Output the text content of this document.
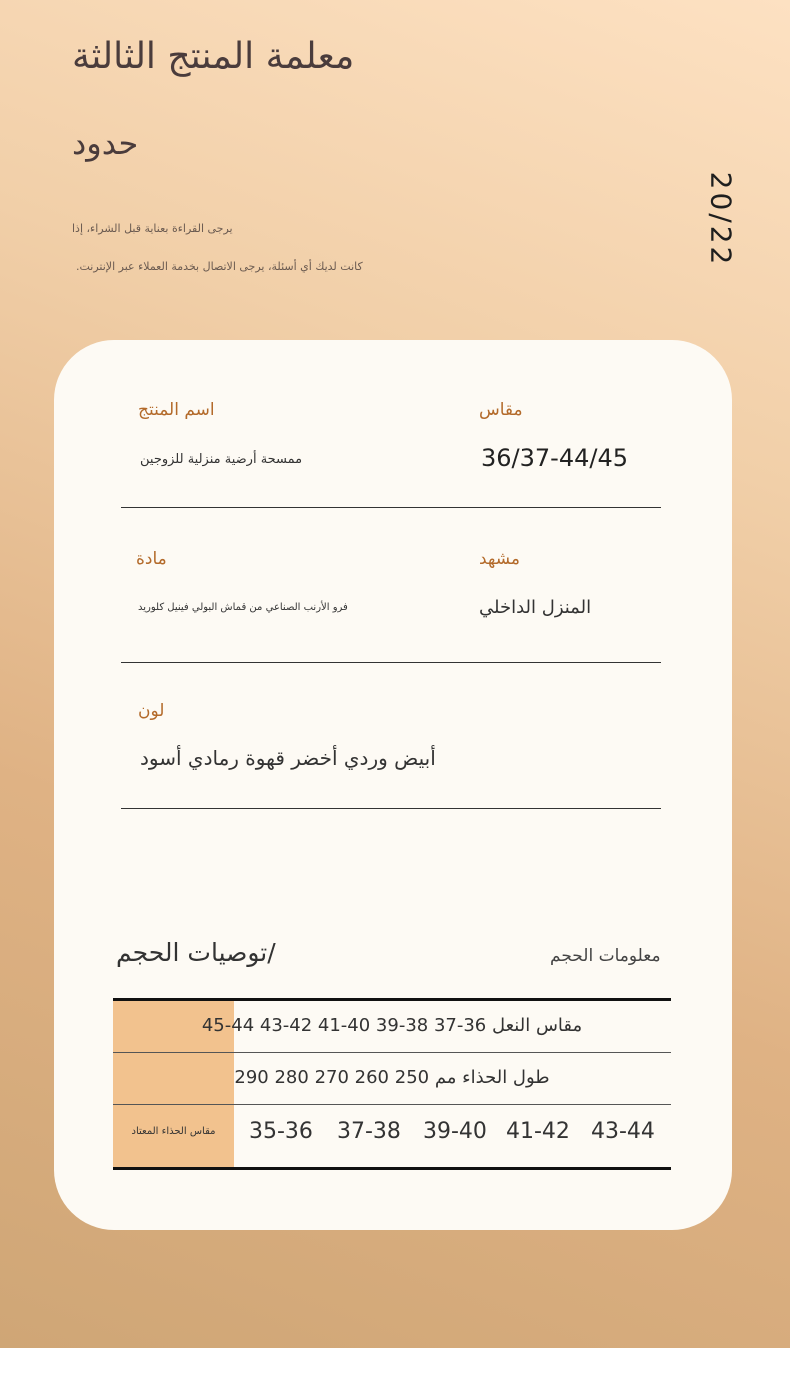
معلمة المنتج الثالثة
حدود
يرجى القراءة بعناية قبل الشراء، إذا
كانت لديك أي أسئلة، يرجى الاتصال بخدمة العملاء عبر الإنترنت.	20/22
اسم المنتج
ممسحة أرضية منزلية للزوجين
مقاس
36/37-44/45
مادة
فرو الأرنب الصناعي من قماش البولي فينيل كلوريد
مشهد
المنزل الداخلي
لون
أبيض وردي أخضر قهوة رمادي أسود
توصيات الحجم/	معلومات الحجم
45-44 43-42 41-40 39-38 37-36 مقاس النعل
طول الحذاء مم 250 260 270 280 290
مقاس الحذاء المعتاد	35-36 37-38 39-40 41-42 43-44
